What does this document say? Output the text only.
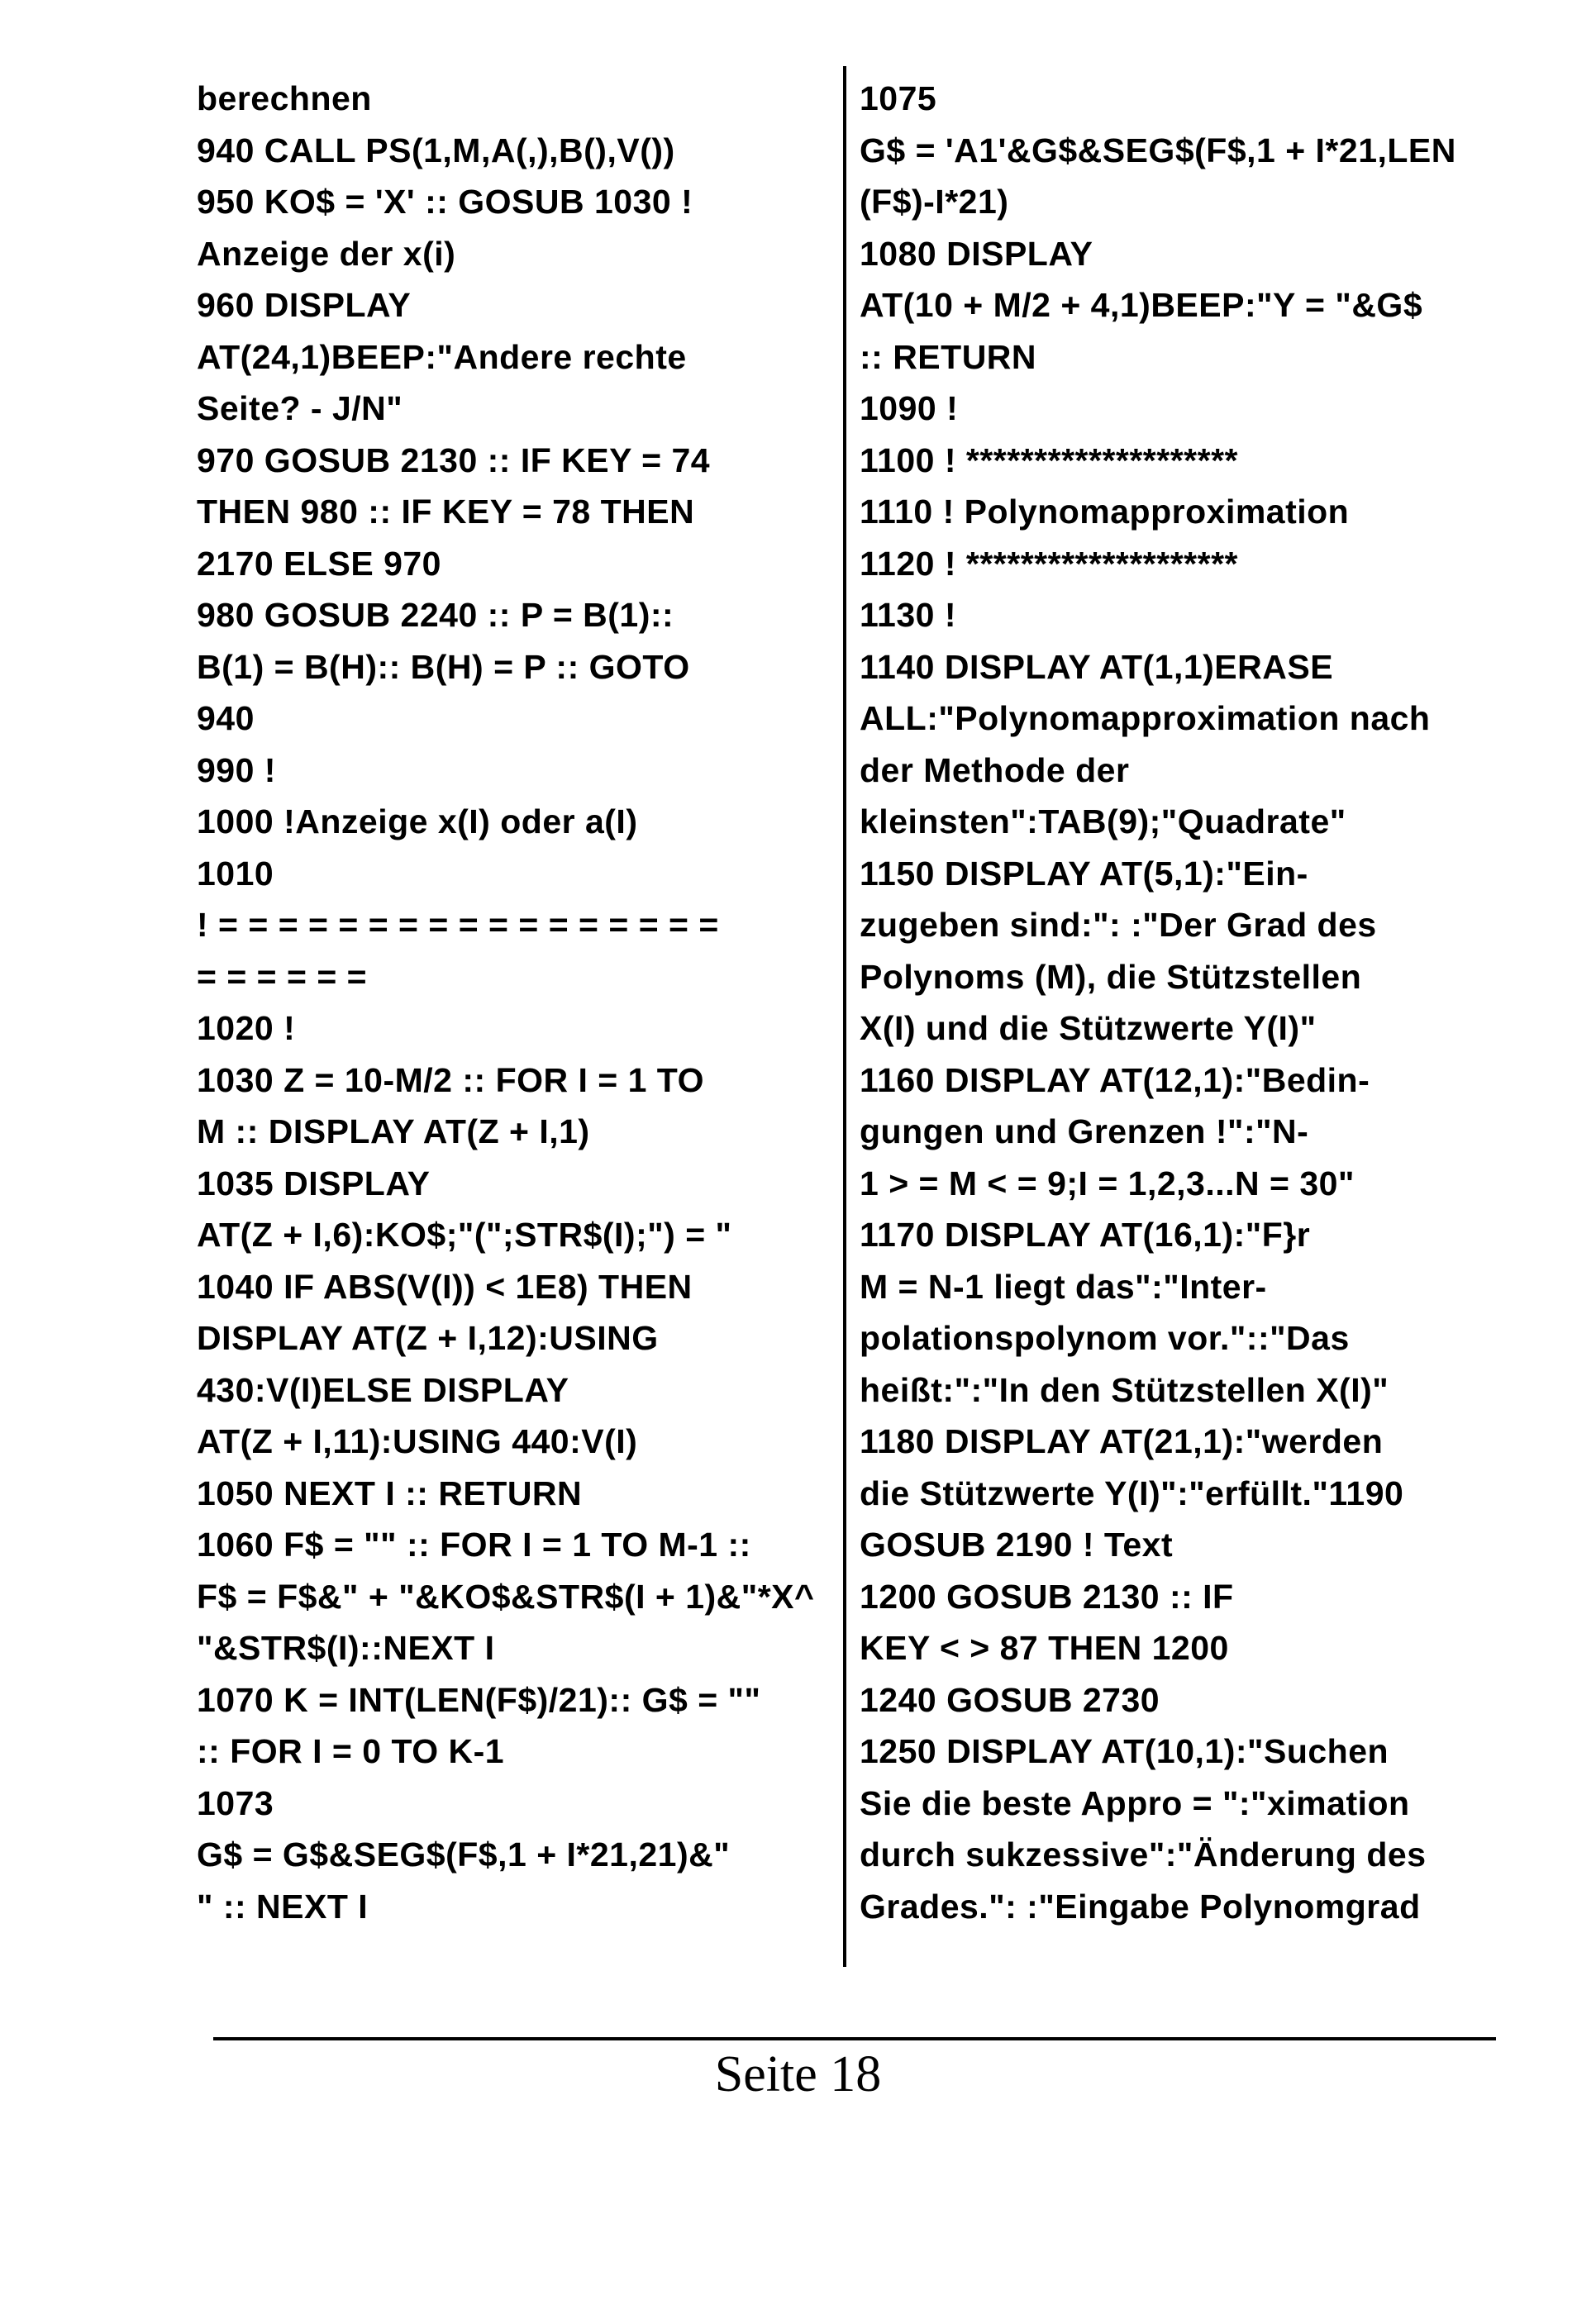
berechnen
940 CALL PS(1,M,A(,),B(),V())
950 KO$ = 'X' :: GOSUB 1030 !
Anzeige der x(i)
960 DISPLAY
AT(24,1)BEEP:"Andere rechte
Seite? - J/N"
970 GOSUB 2130 :: IF KEY = 74
THEN 980 :: IF KEY = 78 THEN
2170 ELSE 970
980 GOSUB 2240 :: P = B(1)::
B(1) = B(H):: B(H) = P :: GOTO
940
990 !
1000 !Anzeige x(I) oder a(I)
1010
! = = = = = = = = = = = = = = = = =
= = = = = =
1020 !
1030 Z = 10-M/2 :: FOR I = 1 TO
M :: DISPLAY AT(Z + I,1)
1035 DISPLAY
AT(Z + I,6):KO$;"(";STR$(I);") = "
1040 IF ABS(V(I)) < 1E8) THEN
DISPLAY AT(Z + I,12):USING
430:V(I)ELSE DISPLAY
AT(Z + I,11):USING 440:V(I)
1050 NEXT I :: RETURN
1060 F$ = "" :: FOR I = 1 TO M-1 ::
F$ = F$&" + "&KO$&STR$(I + 1)&"*X^
"&STR$(I)::NEXT I
1070 K = INT(LEN(F$)/21):: G$ = ""
:: FOR I = 0 TO K-1
1073
G$ = G$&SEG$(F$,1 + I*21,21)&"
" :: NEXT I
1075
G$ = 'A1'&G$&SEG$(F$,1 + I*21,LEN
(F$)-I*21)
1080 DISPLAY
AT(10 + M/2 + 4,1)BEEP:"Y = "&G$
:: RETURN
1090 !
1100 ! ********************
1110 ! Polynomapproximation
1120 ! ********************
1130 !
1140 DISPLAY AT(1,1)ERASE
ALL:"Polynomapproximation nach
der Methode der
kleinsten":TAB(9);"Quadrate"
1150 DISPLAY AT(5,1):"Ein-
zugeben sind:": :"Der Grad des
Polynoms (M), die Stützstellen
X(I) und die Stützwerte Y(I)"
1160 DISPLAY AT(12,1):"Bedin-
gungen und Grenzen !":"N-
1 > = M < = 9;I = 1,2,3...N = 30"
1170 DISPLAY AT(16,1):"F}r
M = N-1 liegt das":"Inter-
polationspolynom vor."::"Das
heißt:":"In den Stützstellen X(I)"
1180 DISPLAY AT(21,1):"werden
die Stützwerte Y(I)":"erfüllt."1190
GOSUB 2190 ! Text
1200 GOSUB 2130 :: IF
KEY < > 87 THEN 1200
1240 GOSUB 2730
1250 DISPLAY AT(10,1):"Suchen
Sie die beste Appro = ":"ximation
durch sukzessive":"Änderung des
Grades.": :"Eingabe Polynomgrad
Seite 18
